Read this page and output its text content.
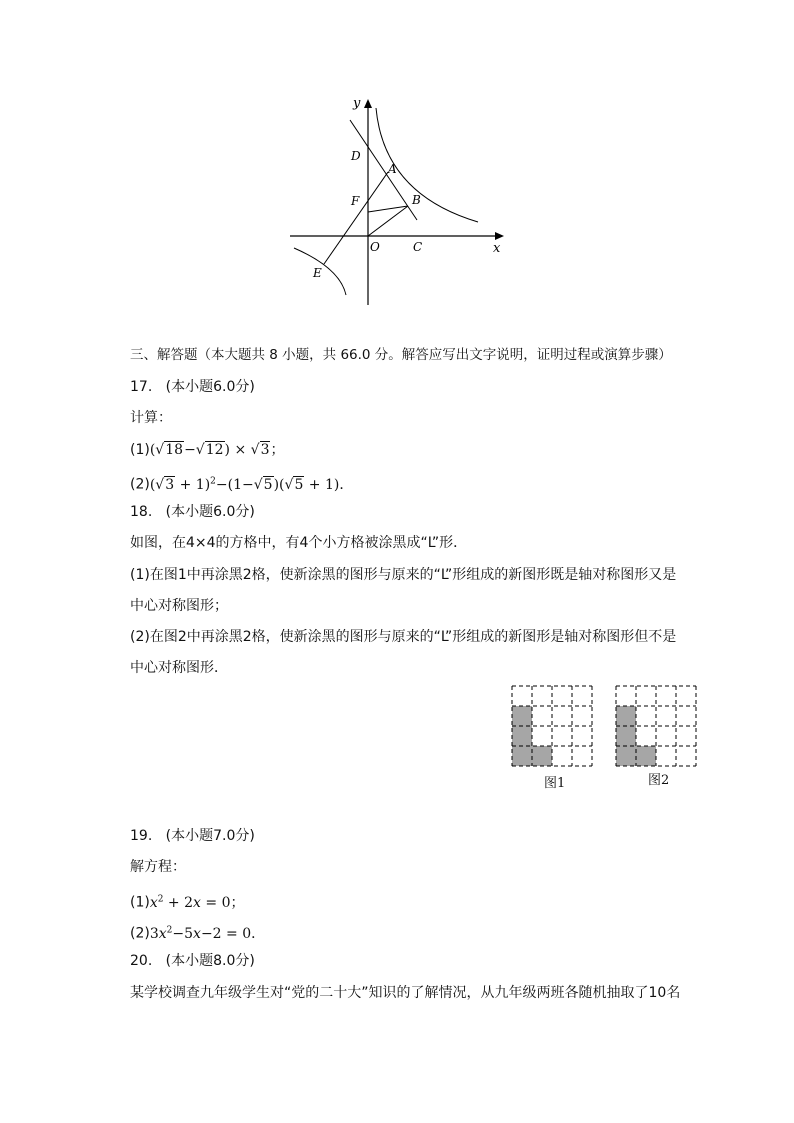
y
x
D
A
F	B
O	C
E
三、解答题（本大题共 8 小题，共 66.0 分。解答应写出文字说明，证明过程或演算步骤）
17. (本小题6.0分)
计算：
(1)(√18−√12) × √3；
$(2)(√3 + 1)^2-(1-√5)(√5 + 1)$．
18. (本小题6.0分)
如图，在4×4的方格中，有4个小方格被涂黑成“L”形．
(1)在图1中再涂黑2格，使新涂黑的图形与原来的“L”形组成的新图形既是轴对称图形又是
中心对称图形；
(2)在图2中再涂黑2格，使新涂黑的图形与原来的“L”形组成的新图形是轴对称图形但不是
中心对称图形．
图1	图2
19. (本小题7.0分)
解方程：
$(1)x^2 + 2x = 0$；
$(2)3x^2-5x-2 = 0$．
20. (本小题8.0分)
某学校调查九年级学生对“党的二十大”知识的了解情况，从九年级两班各随机抽取了10名
